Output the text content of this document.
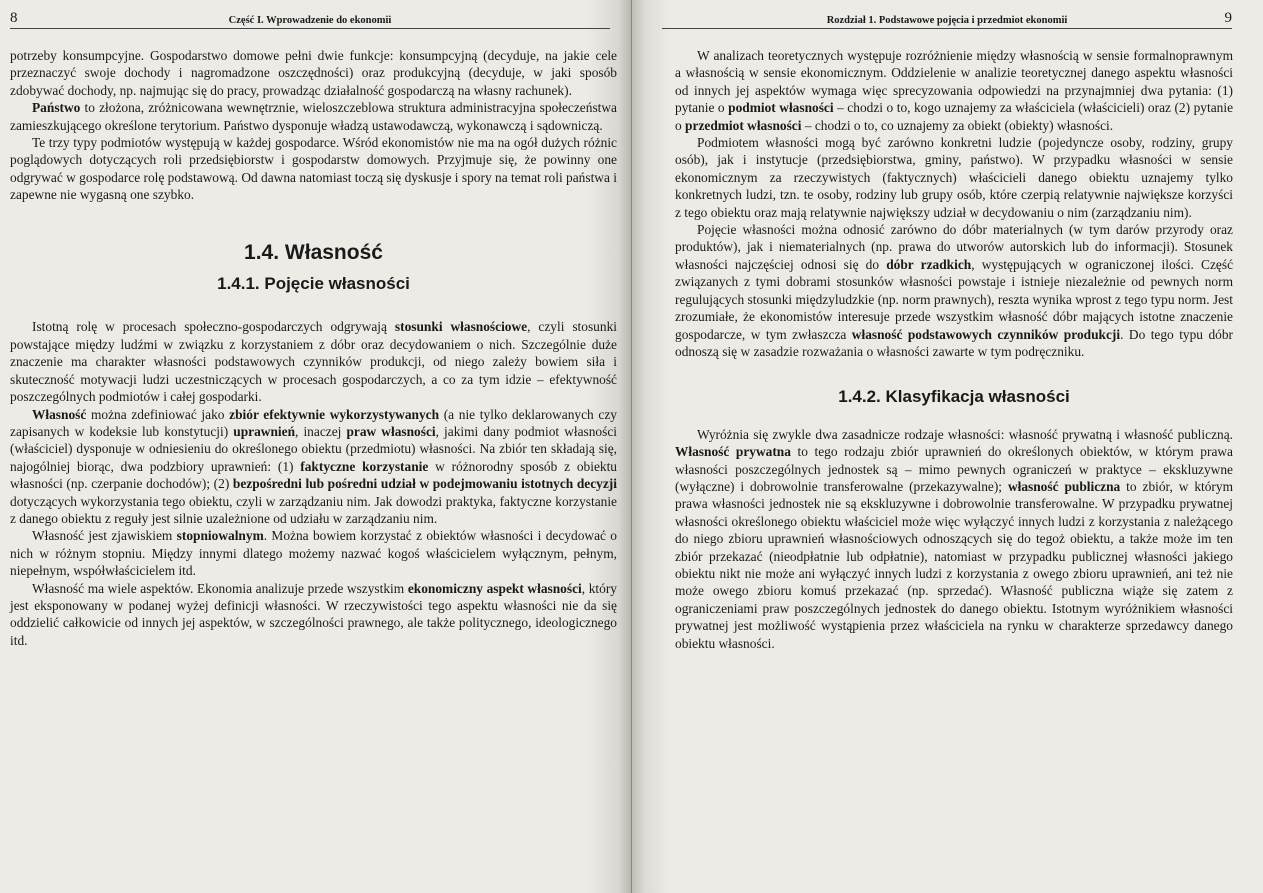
8	Część I. Wprowadzenie do ekonomii

potrzeby konsumpcyjne. Gospodarstwo domowe pełni dwie funkcje: konsumpcyjną (decyduje, na jakie cele przeznaczyć swoje dochody i nagromadzone oszczędności) oraz produkcyjną (decyduje, w jaki sposób zdobywać dochody, np. najmując się do pracy, prowadząc działalność gospodarczą na własny rachunek).

Państwo to złożona, zróżnicowana wewnętrznie, wieloszczeblowa struktura administracyjna społeczeństwa zamieszkującego określone terytorium. Państwo dysponuje władzą ustawodawczą, wykonawczą i sądowniczą.

Te trzy typy podmiotów występują w każdej gospodarce. Wśród ekonomistów nie ma na ogół dużych różnic poglądowych dotyczących roli przedsiębiorstw i gospodarstw domowych. Przyjmuje się, że powinny one odgrywać w gospodarce rolę podstawową. Od dawna natomiast toczą się dyskusje i spory na temat roli państwa i zapewne nie wygasną one szybko.

1.4. Własność
1.4.1. Pojęcie własności

Istotną rolę w procesach społeczno-gospodarczych odgrywają stosunki własnościowe, czyli stosunki powstające między ludźmi w związku z korzystaniem z dóbr oraz decydowaniem o nich. Szczególnie duże znaczenie ma charakter własności podstawowych czynników produkcji, od niego zależy bowiem siła i skuteczność motywacji ludzi uczestniczących w procesach gospodarczych, a co za tym idzie – efektywność poszczególnych podmiotów i całej gospodarki.

Własność można zdefiniować jako zbiór efektywnie wykorzystywanych (a nie tylko deklarowanych czy zapisanych w kodeksie lub konstytucji) uprawnień, inaczej praw własności, jakimi dany podmiot własności (właściciel) dysponuje w odniesieniu do określonego obiektu (przedmiotu) własności. Na zbiór ten składają się, najogólniej biorąc, dwa podzbiory uprawnień: (1) faktyczne korzystanie w różnorodny sposób z obiektu własności (np. czerpanie dochodów); (2) bezpośredni lub pośredni udział w podejmowaniu istotnych decyzji dotyczących wykorzystania tego obiektu, czyli w zarządzaniu nim. Jak dowodzi praktyka, faktyczne korzystanie z danego obiektu z reguły jest silnie uzależnione od udziału w zarządzaniu nim.

Własność jest zjawiskiem stopniowalnym. Można bowiem korzystać z obiektów własności i decydować o nich w różnym stopniu. Między innymi dlatego możemy nazwać kogoś właścicielem wyłącznym, pełnym, niepełnym, współwłaścicielem itd.

Własność ma wiele aspektów. Ekonomia analizuje przede wszystkim ekonomiczny aspekt własności, który jest eksponowany w podanej wyżej definicji własności. W rzeczywistości tego aspektu własności nie da się oddzielić całkowicie od innych jej aspektów, w szczególności prawnego, ale także politycznego, ideologicznego itd.

Rozdział 1. Podstawowe pojęcia i przedmiot ekonomii	9

W analizach teoretycznych występuje rozróżnienie między własnością w sensie formalnoprawnym a własnością w sensie ekonomicznym. Oddzielenie w analizie teoretycznej danego aspektu własności od innych jej aspektów wymaga więc sprecyzowania odpowiedzi na przynajmniej dwa pytania: (1) pytanie o podmiot własności – chodzi o to, kogo uznajemy za właściciela (właścicieli) oraz (2) pytanie o przedmiot własności – chodzi o to, co uznajemy za obiekt (obiekty) własności.

Podmiotem własności mogą być zarówno konkretni ludzie (pojedyncze osoby, rodziny, grupy osób), jak i instytucje (przedsiębiorstwa, gminy, państwo). W przypadku własności w sensie ekonomicznym za rzeczywistych (faktycznych) właścicieli danego obiektu uznajemy tylko konkretnych ludzi, tzn. te osoby, rodziny lub grupy osób, które czerpią relatywnie największe korzyści z tego obiektu oraz mają relatywnie największy udział w decydowaniu o nim (zarządzaniu nim).

Pojęcie własności można odnosić zarówno do dóbr materialnych (w tym darów przyrody oraz produktów), jak i niematerialnych (np. prawa do utworów autorskich lub do informacji). Stosunek własności najczęściej odnosi się do dóbr rzadkich, występujących w ograniczonej ilości. Część związanych z tymi dobrami stosunków własności powstaje i istnieje niezależnie od pewnych norm regulujących stosunki międzyludzkie (np. norm prawnych), reszta wynika wprost z tego typu norm. Jest zrozumiałe, że ekonomistów interesuje przede wszystkim własność dóbr mających istotne znaczenie gospodarcze, w tym zwłaszcza własność podstawowych czynników produkcji. Do tego typu dóbr odnoszą się w zasadzie rozważania o własności zawarte w tym podręczniku.

1.4.2. Klasyfikacja własności

Wyróżnia się zwykle dwa zasadnicze rodzaje własności: własność prywatną i własność publiczną. Własność prywatna to tego rodzaju zbiór uprawnień do określonych obiektów, w którym prawa własności poszczególnych jednostek są – mimo pewnych ograniczeń w praktyce – ekskluzywne (wyłączne) i dobrowolnie transferowalne (przekazywalne); własność publiczna to zbiór, w którym prawa własności jednostek nie są ekskluzywne i dobrowolnie transferowalne. W przypadku prywatnej własności określonego obiektu właściciel może więc wyłączyć innych ludzi z korzystania z należącego do niego zbioru uprawnień własnościowych odnoszących się do tegoż obiektu, a także może im ten zbiór przekazać (nieodpłatnie lub odpłatnie), natomiast w przypadku publicznej własności jakiego obiektu nikt nie może ani wyłączyć innych ludzi z korzystania z owego zbioru uprawnień, ani też nie może owego zbioru komuś przekazać (np. sprzedać). Własność publiczna wiąże się zatem z ograniczeniami praw poszczególnych jednostek do danego obiektu. Istotnym wyróżnikiem własności prywatnej jest możliwość wystąpienia przez właściciela na rynku w charakterze sprzedawcy danego obiektu własności.
